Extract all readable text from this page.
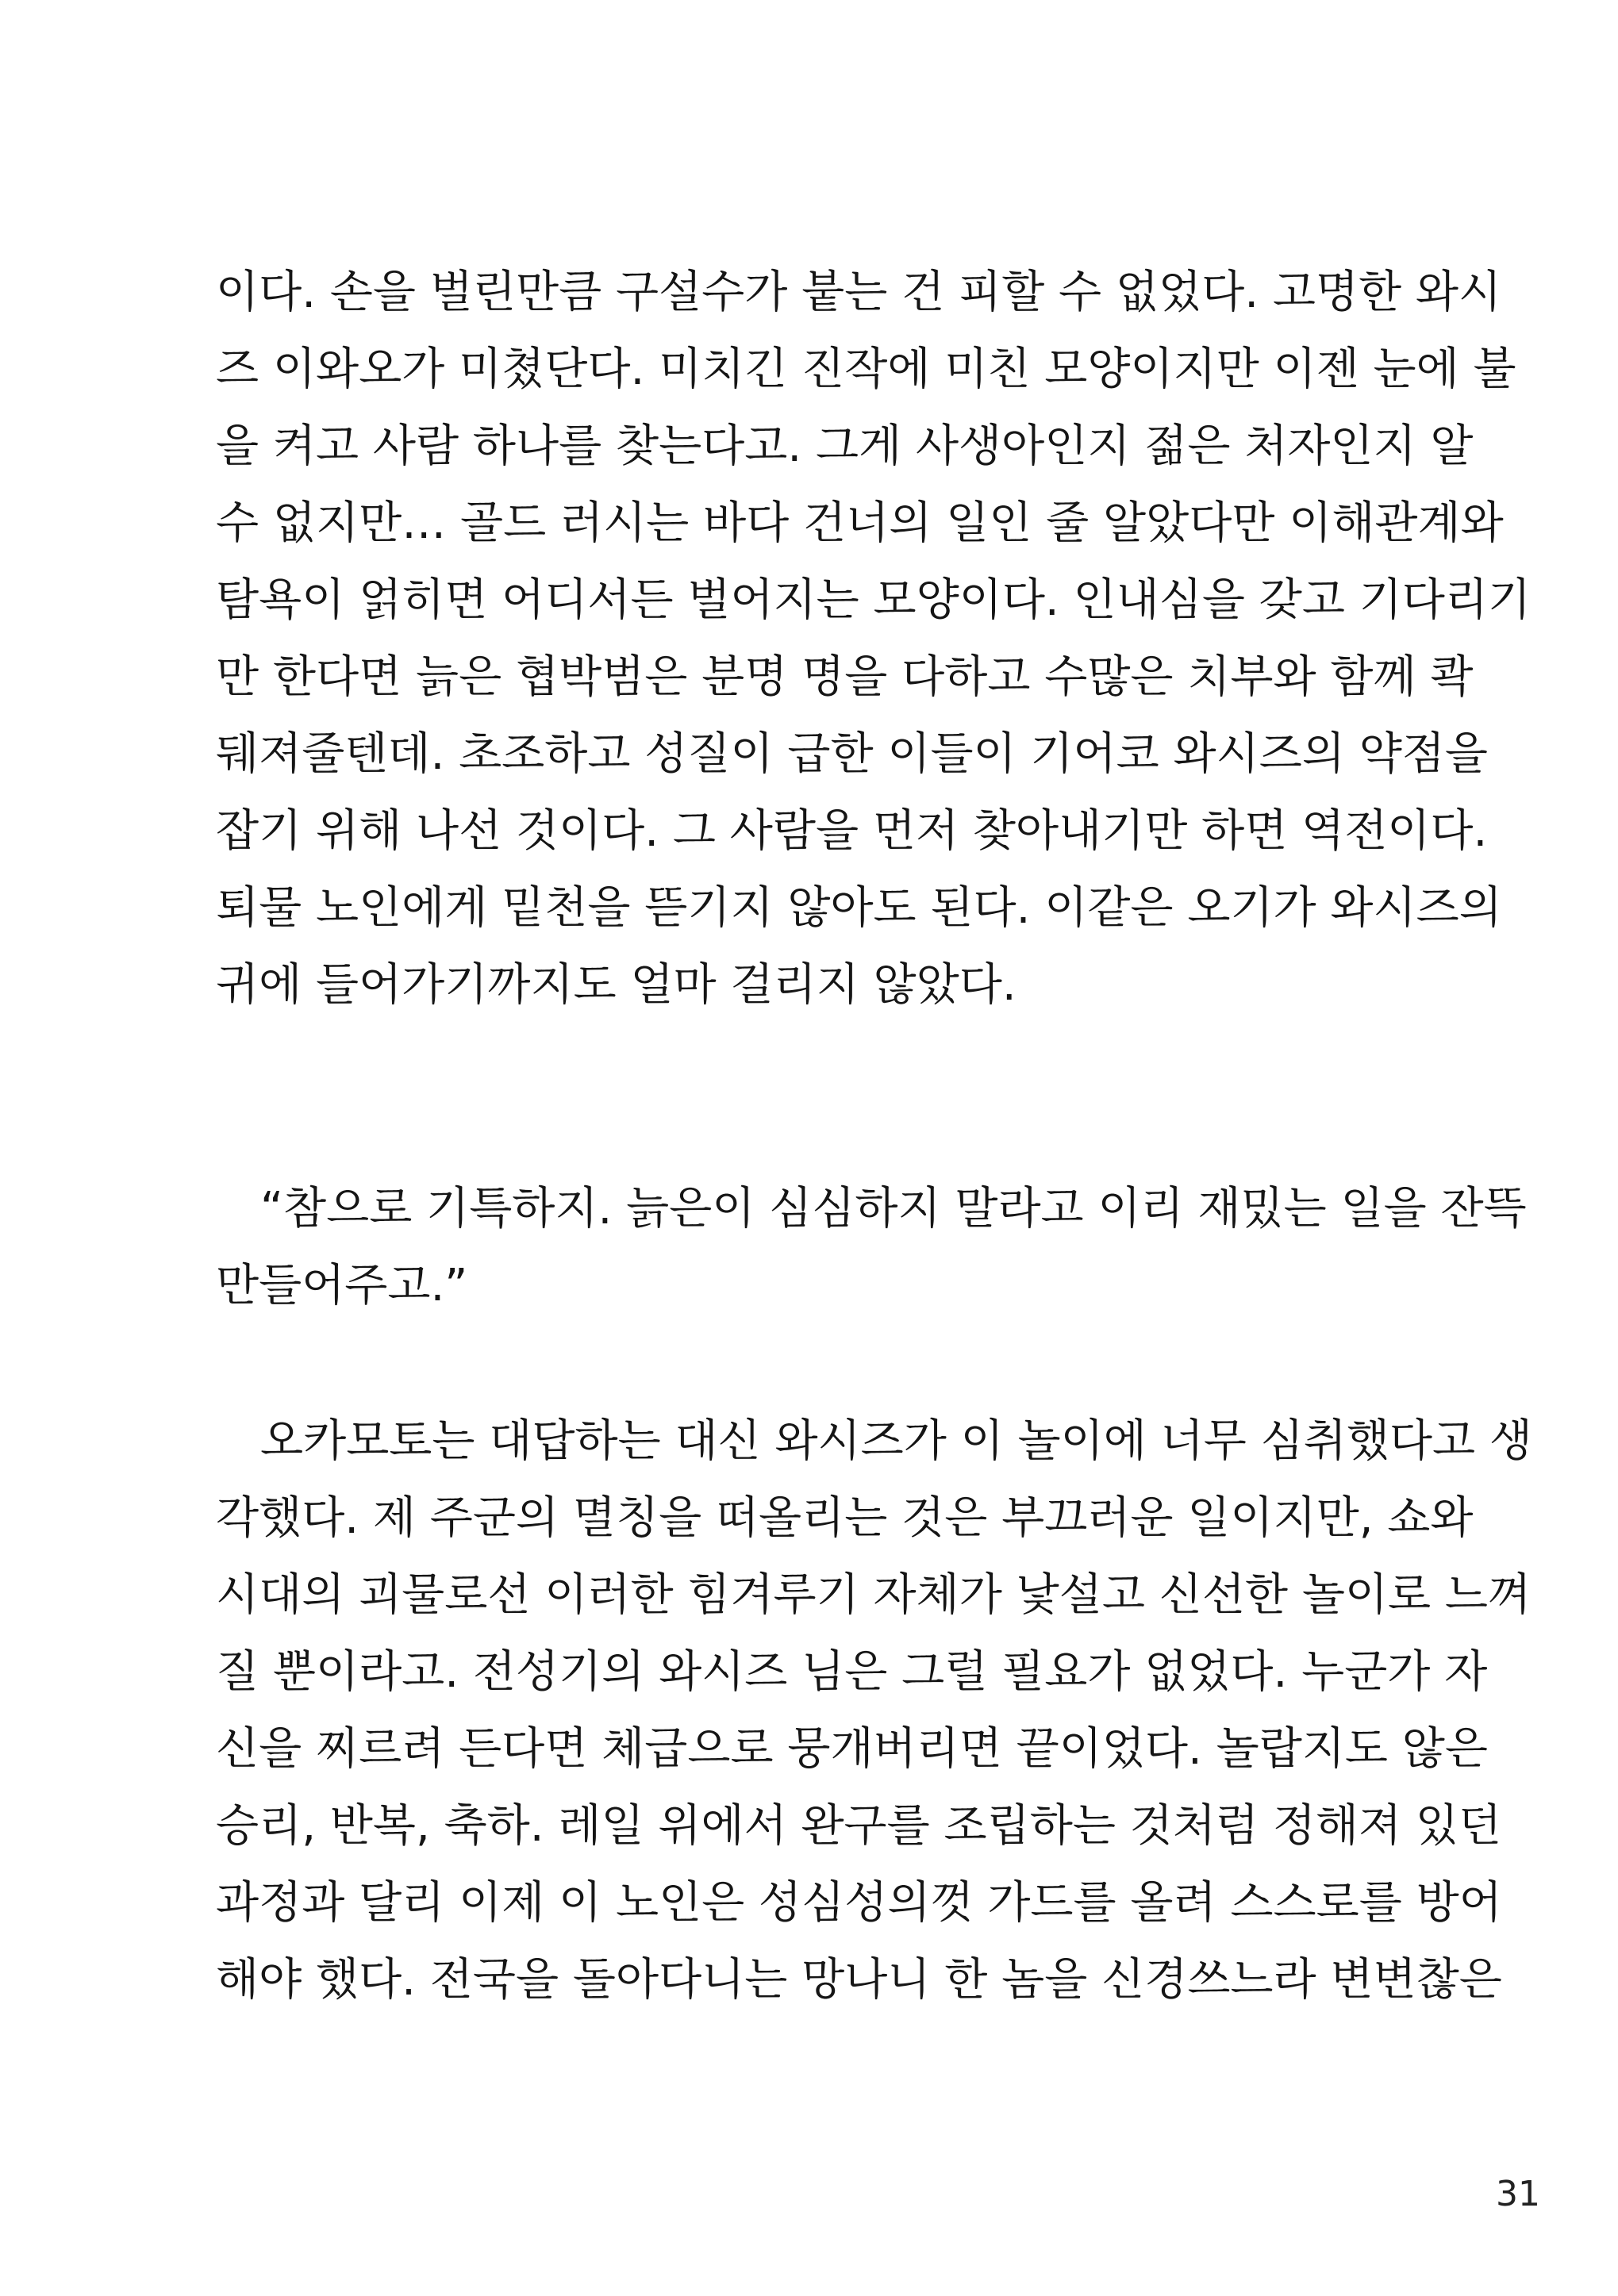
이다. 손을 벌린만큼 구설수가 붙는 건 피할 수 없었다. 고명한 와시
즈 이와오가 미쳤단다. 미치긴 진작에 미친 모양이지만 이젠 눈에 불
을 켜고 사람 하나를 찾는다고. 그게 사생아인지 젊은 처자인지 알
수 없지만… 골드 러시는 바다 건너의 일인 줄 알았다만 이해관계와
탐욕이 얽히면 어디서든 벌어지는 모양이다. 인내심을 갖고 기다리기
만 한다면 늙은 협박범은 분명 명을 다하고 수많은 치부와 함께 콱
뒈져줄텐데. 초조하고 성질이 급한 이들이 기어코 와시즈의 약점을
잡기 위해 나선 것이다. 그 사람을 먼저 찾아내기만 하면 역전이다.
퇴물 노인에게 밑천을 뜯기지 않아도 된다. 이같은 오기가 와시즈의
귀에 들어가기까지도 얼마 걸리지 않았다.
“참으로 기특하지. 늙은이 심심하지 말라고 이리 재밌는 일을 잔뜩
만들어주고.”
오카모토는 대답하는 대신 와시즈가 이 놀이에 너무 심취했다고 생
각했다. 제 주군의 멸칭을 떠올리는 것은 부끄러운 일이지만, 쇼와
시대의 괴물로선 이러한 힘겨루기 자체가 낯설고 신선한 놀이로 느껴
질 뿐이라고. 전성기의 와시즈 님은 그럴 필요가 없었다. 누군가 자
신을 찌르려 든다면 체급으로 뭉개버리면 끝이었다. 놀랍지도 않은
승리, 반복, 축하. 레일 위에서 완구를 조립하는 것처럼 정해져 있던
과정과 달리 이제 이 노인은 성심성의껏 가드를 올려 스스로를 방어
해야 했다. 전국을 돌아다니는 망나니 한 놈을 신경쓰느라 변변찮은
31
